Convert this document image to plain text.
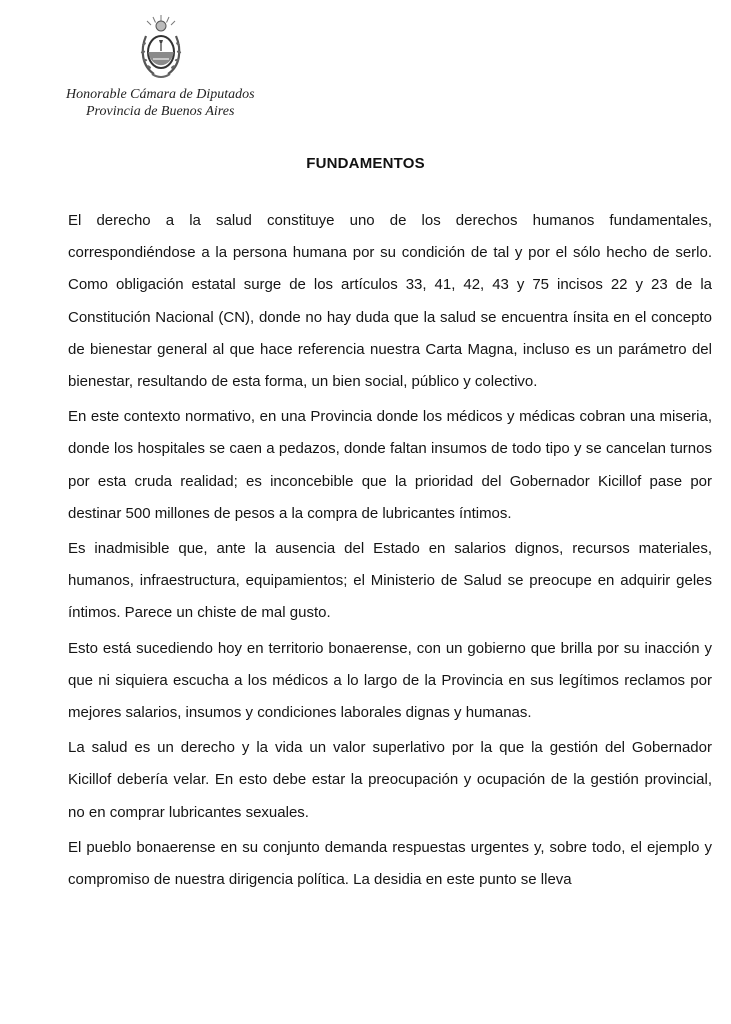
Honorable Cámara de Diputados
Provincia de Buenos Aires
FUNDAMENTOS

El derecho a la salud constituye uno de los derechos humanos fundamentales, correspondiéndose a la persona humana por su condición de tal y por el sólo hecho de serlo. Como obligación estatal surge de los artículos 33, 41, 42, 43 y 75 incisos 22 y 23 de la Constitución Nacional (CN), donde no hay duda que la salud se encuentra ínsita en el concepto de bienestar general al que hace referencia nuestra Carta Magna, incluso es un parámetro del bienestar, resultando de esta forma, un bien social, público y colectivo.

En este contexto normativo, en una Provincia donde los médicos y médicas cobran una miseria, donde los hospitales se caen a pedazos, donde faltan insumos de todo tipo y se cancelan turnos por esta cruda realidad; es inconcebible que la prioridad del Gobernador Kicillof pase por destinar 500 millones de pesos a la compra de lubricantes íntimos.

Es inadmisible que, ante la ausencia del Estado en salarios dignos, recursos materiales, humanos, infraestructura, equipamientos; el Ministerio de Salud se preocupe en adquirir geles íntimos. Parece un chiste de mal gusto.

Esto está sucediendo hoy en territorio bonaerense, con un gobierno que brilla por su inacción y que ni siquiera escucha a los médicos a lo largo de la Provincia en sus legítimos reclamos por mejores salarios, insumos y condiciones laborales dignas y humanas.

La salud es un derecho y la vida un valor superlativo por la que la gestión del Gobernador Kicillof debería velar. En esto debe estar la preocupación y ocupación de la gestión provincial, no en comprar lubricantes sexuales.

El pueblo bonaerense en su conjunto demanda respuestas urgentes y, sobre todo, el ejemplo y compromiso de nuestra dirigencia política. La desidia en este punto se lleva
